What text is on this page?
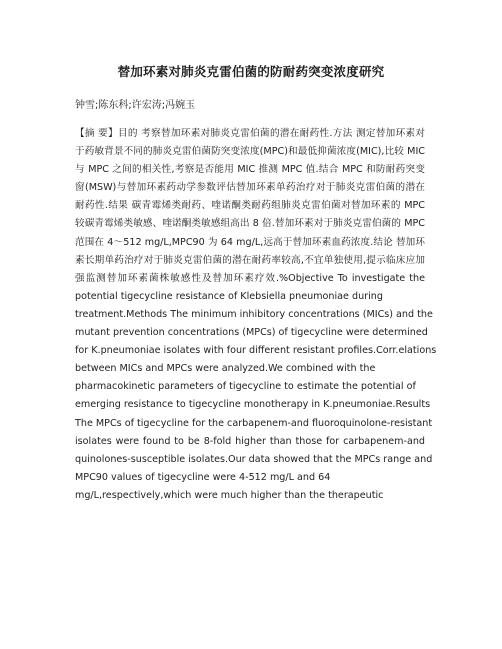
替加环素对肺炎克雷伯菌的防耐药突变浓度研究
钟雪;陈东科;许宏涛;冯婉玉
【摘 要】目的 考察替加环素对肺炎克雷伯菌的潜在耐药性.方法 测定替加环素对
于药敏背景不同的肺炎克雷伯菌防突变浓度(MPC)和最低抑菌浓度(MIC),比较 MIC
与 MPC 之间的相关性,考察是否能用 MIC 推测 MPC 值.结合 MPC 和防耐药突变
窗(MSW)与替加环素药动学参数评估替加环素单药治疗对于肺炎克雷伯菌的潜在
耐药性.结果 碳青霉烯类耐药、喹诺酮类耐药组肺炎克雷伯菌对替加环素的 MPC
较碳青霉烯类敏感、喹诺酮类敏感组高出 8 倍.替加环素对于肺炎克雷伯菌的 MPC
范围在 4～512 mg/L,MPC90 为 64 mg/L,远高于替加环素血药浓度.结论 替加环
素长期单药治疗对于肺炎克雷伯菌的潜在耐药率较高,不宜单独使用,提示临床应加
强监测替加环素菌株敏感性及替加环素疗效.%Objective To investigate the
potential tigecycline resistance of Klebsiella pneumoniae during
treatment.Methods The minimum inhibitory concentrations (MICs) and the
mutant prevention concentrations (MPCs) of tigecycline were determined
for K.pneumoniae isolates with four different resistant profiles.Corr.elations
between MICs and MPCs were analyzed.We combined with the
pharmacokinetic parameters of tigecycline to estimate the potential of
emerging resistance to tigecycline monotherapy in K.pneumoniae.Results
The MPCs of tigecycline for the carbapenem-and fluoroquinolone-resistant
isolates were found to be 8-fold higher than those for carbapenem-and
quinolones-susceptible isolates.Our data showed that the MPCs range and
MPC90 values of tigecycline were 4-512 mg/L and 64
mg/L,respectively,which were much higher than the therapeutic
